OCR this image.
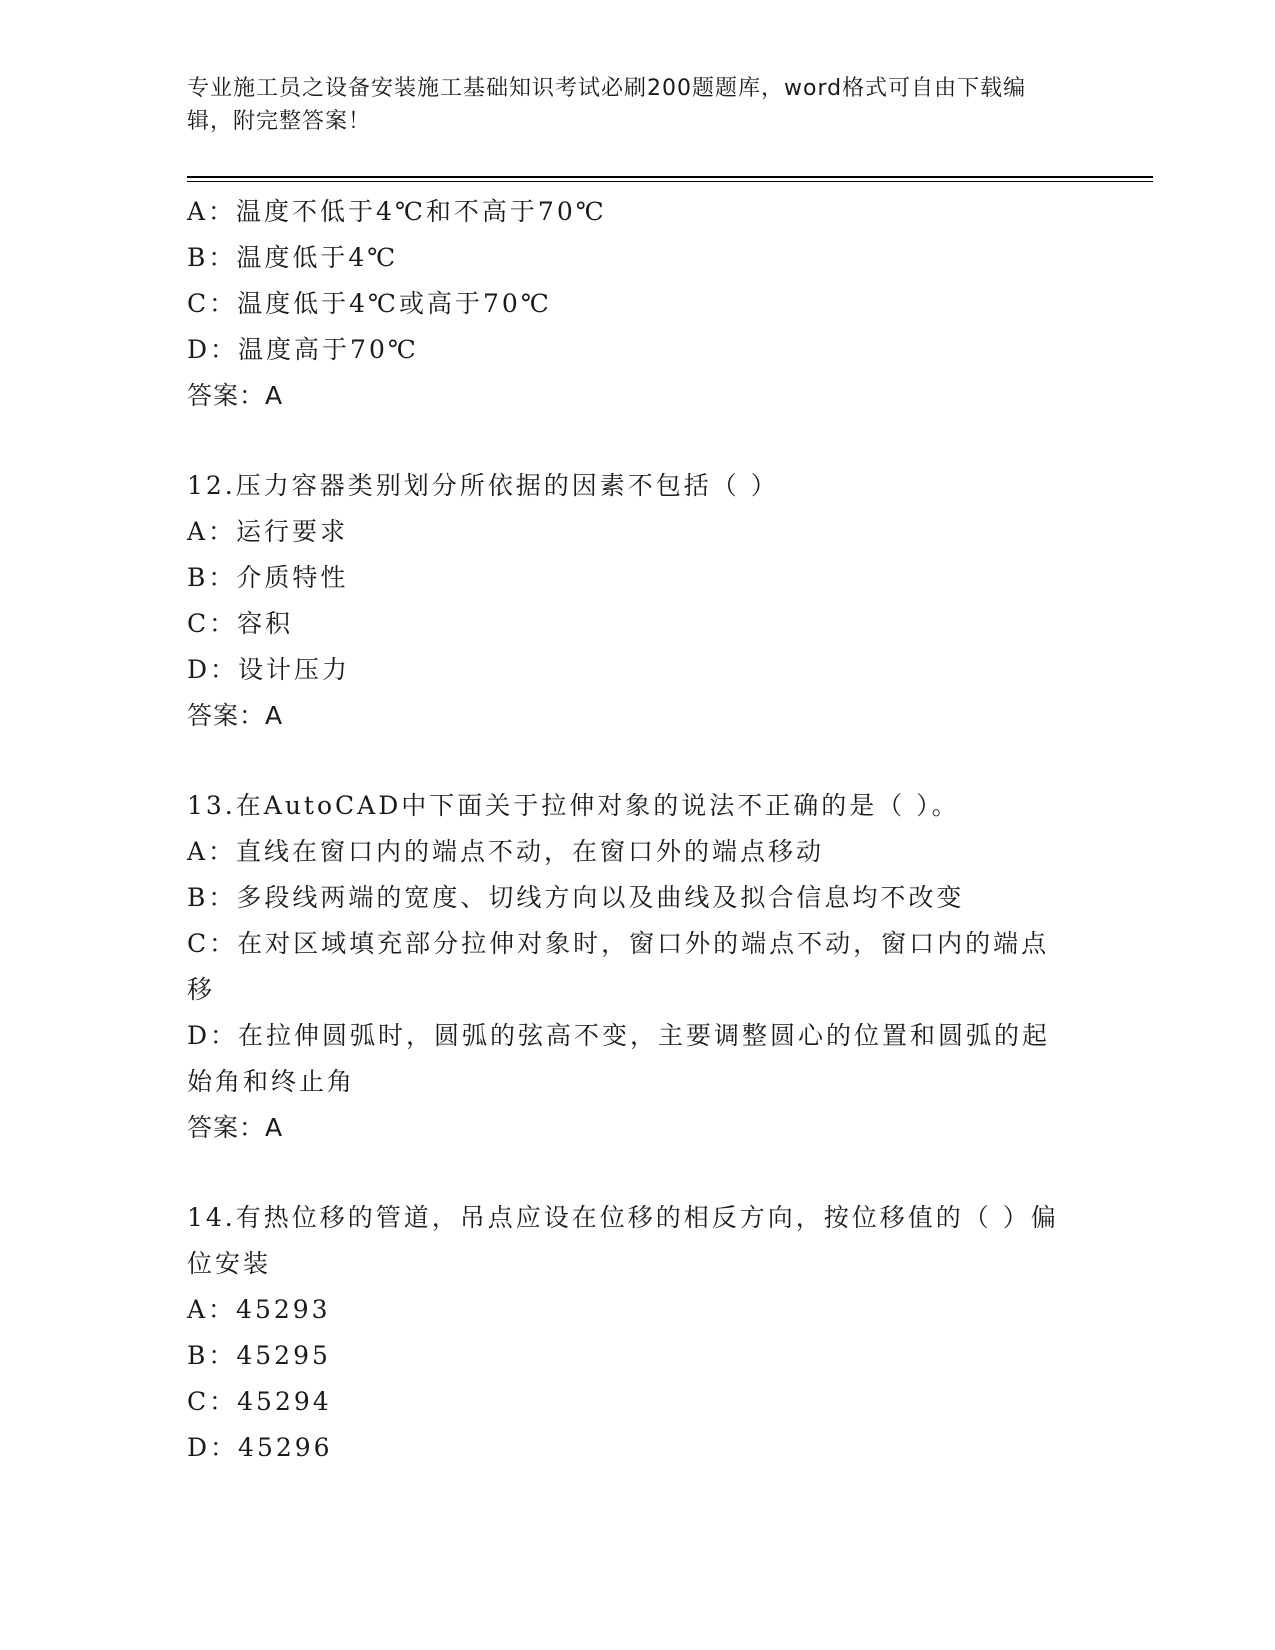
专业施工员之设备安装施工基础知识考试必刷200题题库，word格式可自由下载编辑，附完整答案！

A：温度不低于4℃和不高于70℃

B：温度低于4℃

C：温度低于4℃或高于70℃

D：温度高于70℃

答案：A

12.压力容器类别划分所依据的因素不包括（ ）

A：运行要求

B：介质特性

C：容积

D：设计压力

答案：A

13.在AutoCAD中下面关于拉伸对象的说法不正确的是（ ）。

A：直线在窗口内的端点不动，在窗口外的端点移动

B：多段线两端的宽度、切线方向以及曲线及拟合信息均不改变

C：在对区域填充部分拉伸对象时，窗口外的端点不动，窗口内的端点移

D：在拉伸圆弧时，圆弧的弦高不变，主要调整圆心的位置和圆弧的起始角和终止角

答案：A

14.有热位移的管道，吊点应设在位移的相反方向，按位移值的（ ）偏位安装

A：45293

B：45295

C：45294

D：45296
